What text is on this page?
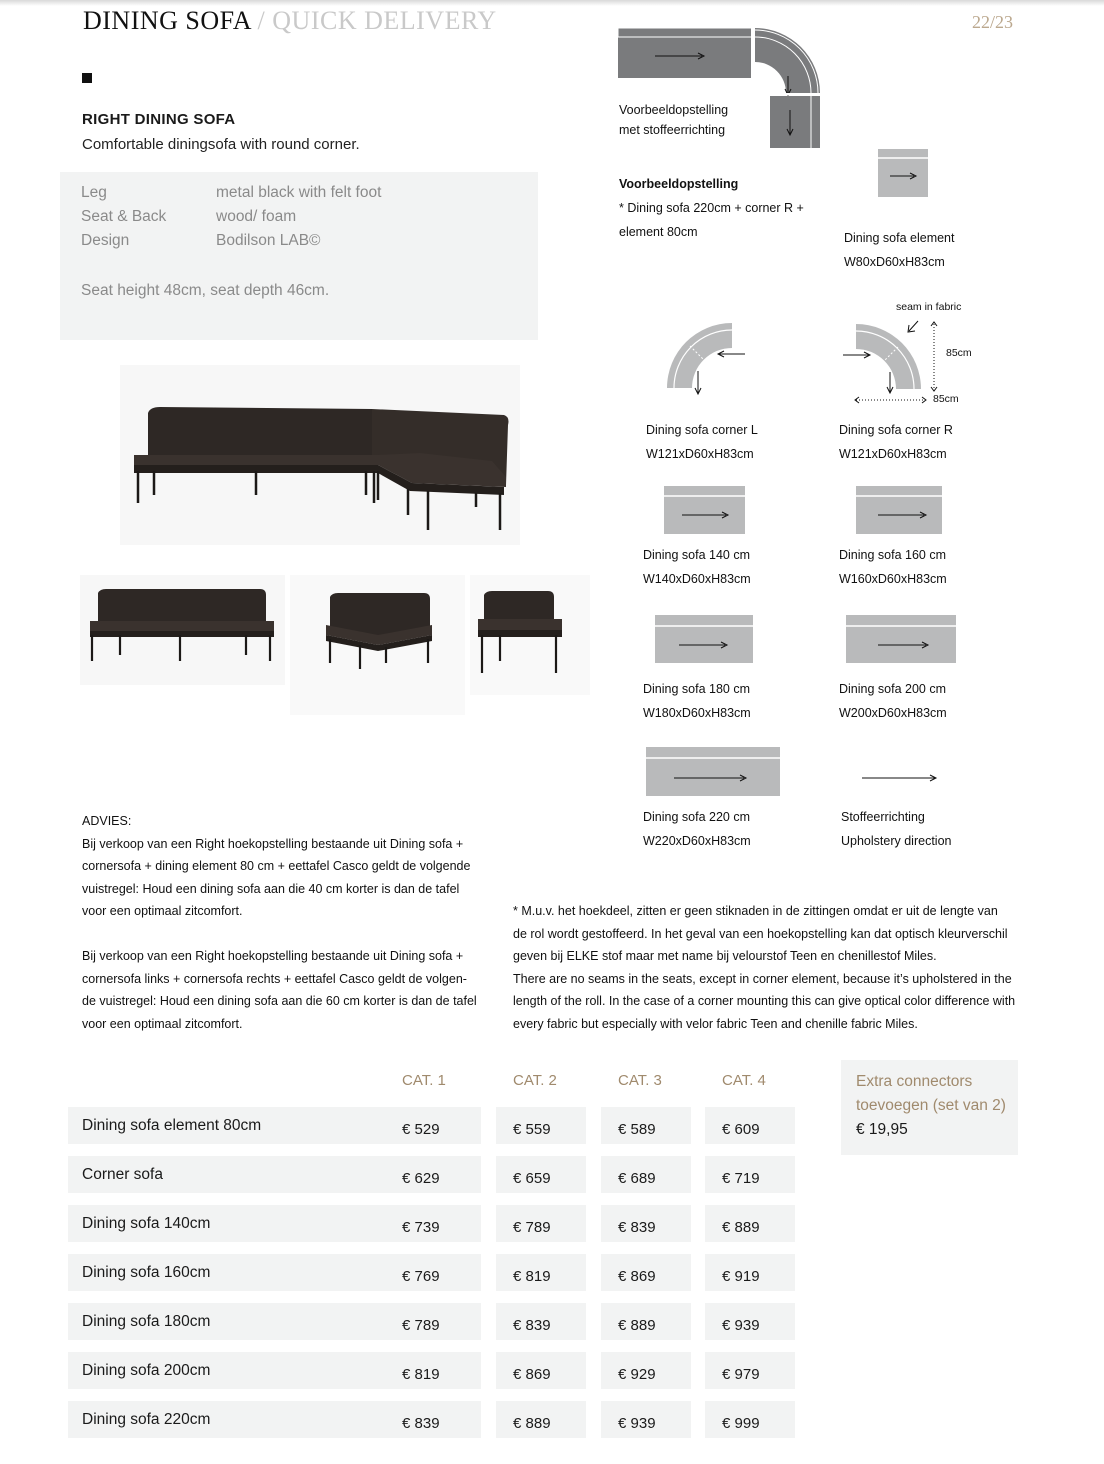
DINING SOFA / QUICK DELIVERY	22/23
RIGHT DINING SOFA
Comfortable diningsofa with round corner.
Leg	metal black with felt foot
Seat & Back	wood/ foam
Design	Bodilson LAB©
Seat height 48cm, seat depth 46cm.
Voorbeeldopstelling
met stoffeerrichting
Voorbeeldopstelling
* Dining sofa 220cm + corner R +
element 80cm	Dining sofa element
W80xD60xH83cm
Dining sofa corner L
W121xD60xH83cm
seam in fabric
85cm
85cm
Dining sofa corner R
W121xD60xH83cm
Dining sofa 140 cm
W140xD60xH83cm
Dining sofa 160 cm
W160xD60xH83cm
Dining sofa 180 cm
W180xD60xH83cm
Dining sofa 200 cm
W200xD60xH83cm
Dining sofa 220 cm
W220xD60xH83cm
Stoffeerrichting
Upholstery direction
ADVIES:
Bij verkoop van een Right hoekopstelling bestaande uit Dining sofa +
cornersofa + dining element 80 cm + eettafel Casco geldt de volgende
vuistregel: Houd een dining sofa aan die 40 cm korter is dan de tafel
voor een optimaal zitcomfort.
Bij verkoop van een Right hoekopstelling bestaande uit Dining sofa +
cornersofa links + cornersofa rechts + eettafel Casco geldt de volgen-
de vuistregel: Houd een dining sofa aan die 60 cm korter is dan de tafel
voor een optimaal zitcomfort.
* M.u.v. het hoekdeel, zitten er geen stiknaden in de zittingen omdat er uit de lengte van
de rol wordt gestoffeerd. In het geval van een hoekopstelling kan dat optisch kleurverschil
geven bij ELKE stof maar met name bij velourstof Teen en chenillestof Miles.
There are no seams in the seats, except in corner element, because it’s upholstered in the
length of the roll. In the case of a corner mounting this can give optical color difference with
every fabric but especially with velor fabric Teen and chenille fabric Miles.
CAT. 1	CAT. 2	CAT. 3	CAT. 4
Dining sofa element 80cm	€ 529	€ 559	€ 589	€ 609
Corner sofa	€ 629	€ 659	€ 689	€ 719
Dining sofa 140cm	€ 739	€ 789	€ 839	€ 889
Dining sofa 160cm	€ 769	€ 819	€ 869	€ 919
Dining sofa 180cm	€ 789	€ 839	€ 889	€ 939
Dining sofa 200cm	€ 819	€ 869	€ 929	€ 979
Dining sofa 220cm	€ 839	€ 889	€ 939	€ 999
Extra connectors toevoegen (set van 2)
€ 19,95
